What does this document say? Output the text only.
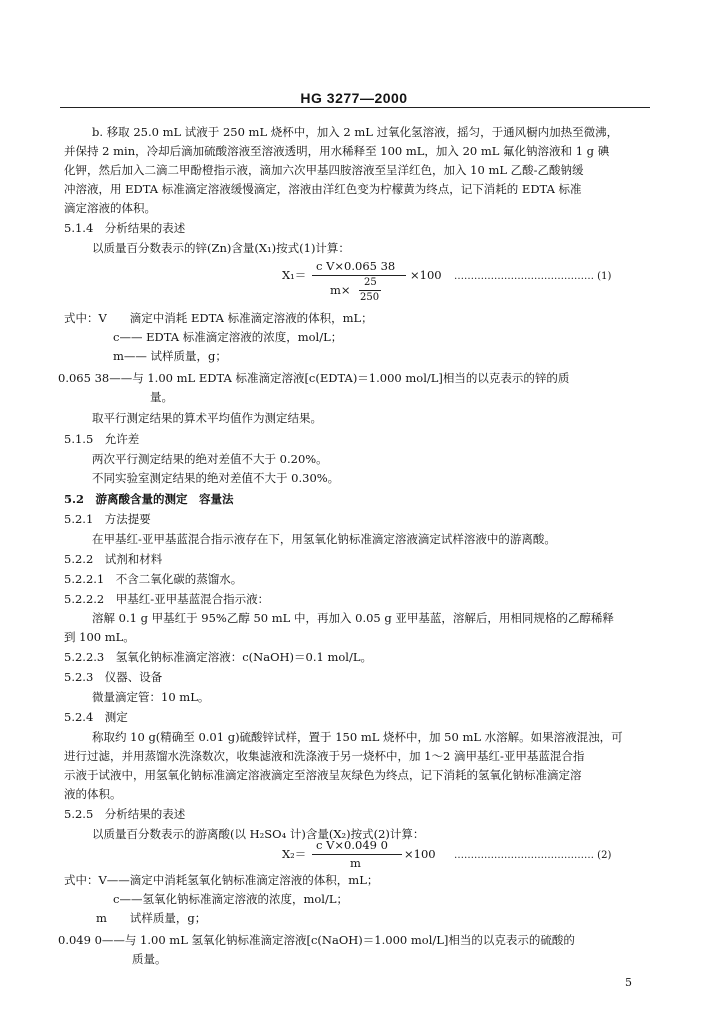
HG 3277—2000
b. 移取 25.0 mL 试液于 250 mL 烧杯中，加入 2 mL 过氧化氢溶液，摇匀，于通风橱内加热至微沸，
并保持 2 min，冷却后滴加硫酸溶液至溶液透明，用水稀释至 100 mL，加入 20 mL 氟化钠溶液和 1 g 碘
化钾，然后加入二滴二甲酚橙指示液，滴加六次甲基四胺溶液至呈洋红色，加入 10 mL 乙酸-乙酸钠缓
冲溶液，用 EDTA 标准滴定溶液缓慢滴定，溶液由洋红色变为柠檬黄为终点，记下消耗的 EDTA 标准
滴定溶液的体积。
5.1.4　分析结果的表述
以质量百分数表示的锌(Zn)含量(X₁)按式(1)计算：
X₁＝
c V×0.065 38
m×
25
250
×100 …………………………………… (1)
式中：V　　滴定中消耗 EDTA 标准滴定溶液的体积，mL；
c—— EDTA 标准滴定溶液的浓度，mol/L；
m—— 试样质量，g；
0.065 38——与 1.00 mL EDTA 标准滴定溶液[c(EDTA)＝1.000 mol/L]相当的以克表示的锌的质
量。
取平行测定结果的算术平均值作为测定结果。
5.1.5　允许差
两次平行测定结果的绝对差值不大于 0.20%。
不同实验室测定结果的绝对差值不大于 0.30%。
5.2　游离酸含量的测定　容量法
5.2.1　方法提要
在甲基红-亚甲基蓝混合指示液存在下，用氢氧化钠标准滴定溶液滴定试样溶液中的游离酸。
5.2.2　试剂和材料
5.2.2.1　不含二氧化碳的蒸馏水。
5.2.2.2　甲基红-亚甲基蓝混合指示液：
溶解 0.1 g 甲基红于 95%乙醇 50 mL 中，再加入 0.05 g 亚甲基蓝，溶解后，用相同规格的乙醇稀释
到 100 mL。
5.2.2.3　氢氧化钠标准滴定溶液：c(NaOH)＝0.1 mol/L。
5.2.3　仪器、设备
微量滴定管：10 mL。
5.2.4　测定
称取约 10 g(精确至 0.01 g)硫酸锌试样，置于 150 mL 烧杯中，加 50 mL 水溶解。如果溶液混浊，可
进行过滤，并用蒸馏水洗涤数次，收集滤液和洗涤液于另一烧杯中，加 1～2 滴甲基红-亚甲基蓝混合指
示液于试液中，用氢氧化钠标准滴定溶液滴定至溶液呈灰绿色为终点，记下消耗的氢氧化钠标准滴定溶
液的体积。
5.2.5　分析结果的表述
以质量百分数表示的游离酸(以 H₂SO₄ 计)含量(X₂)按式(2)计算：
X₂＝
c V×0.049 0
m
×100 …………………………………… (2)
式中：V——滴定中消耗氢氧化钠标准滴定溶液的体积，mL；
c——氢氧化钠标准滴定溶液的浓度，mol/L；
m　　试样质量，g；
0.049 0——与 1.00 mL 氢氧化钠标准滴定溶液[c(NaOH)＝1.000 mol/L]相当的以克表示的硫酸的
质量。
5
